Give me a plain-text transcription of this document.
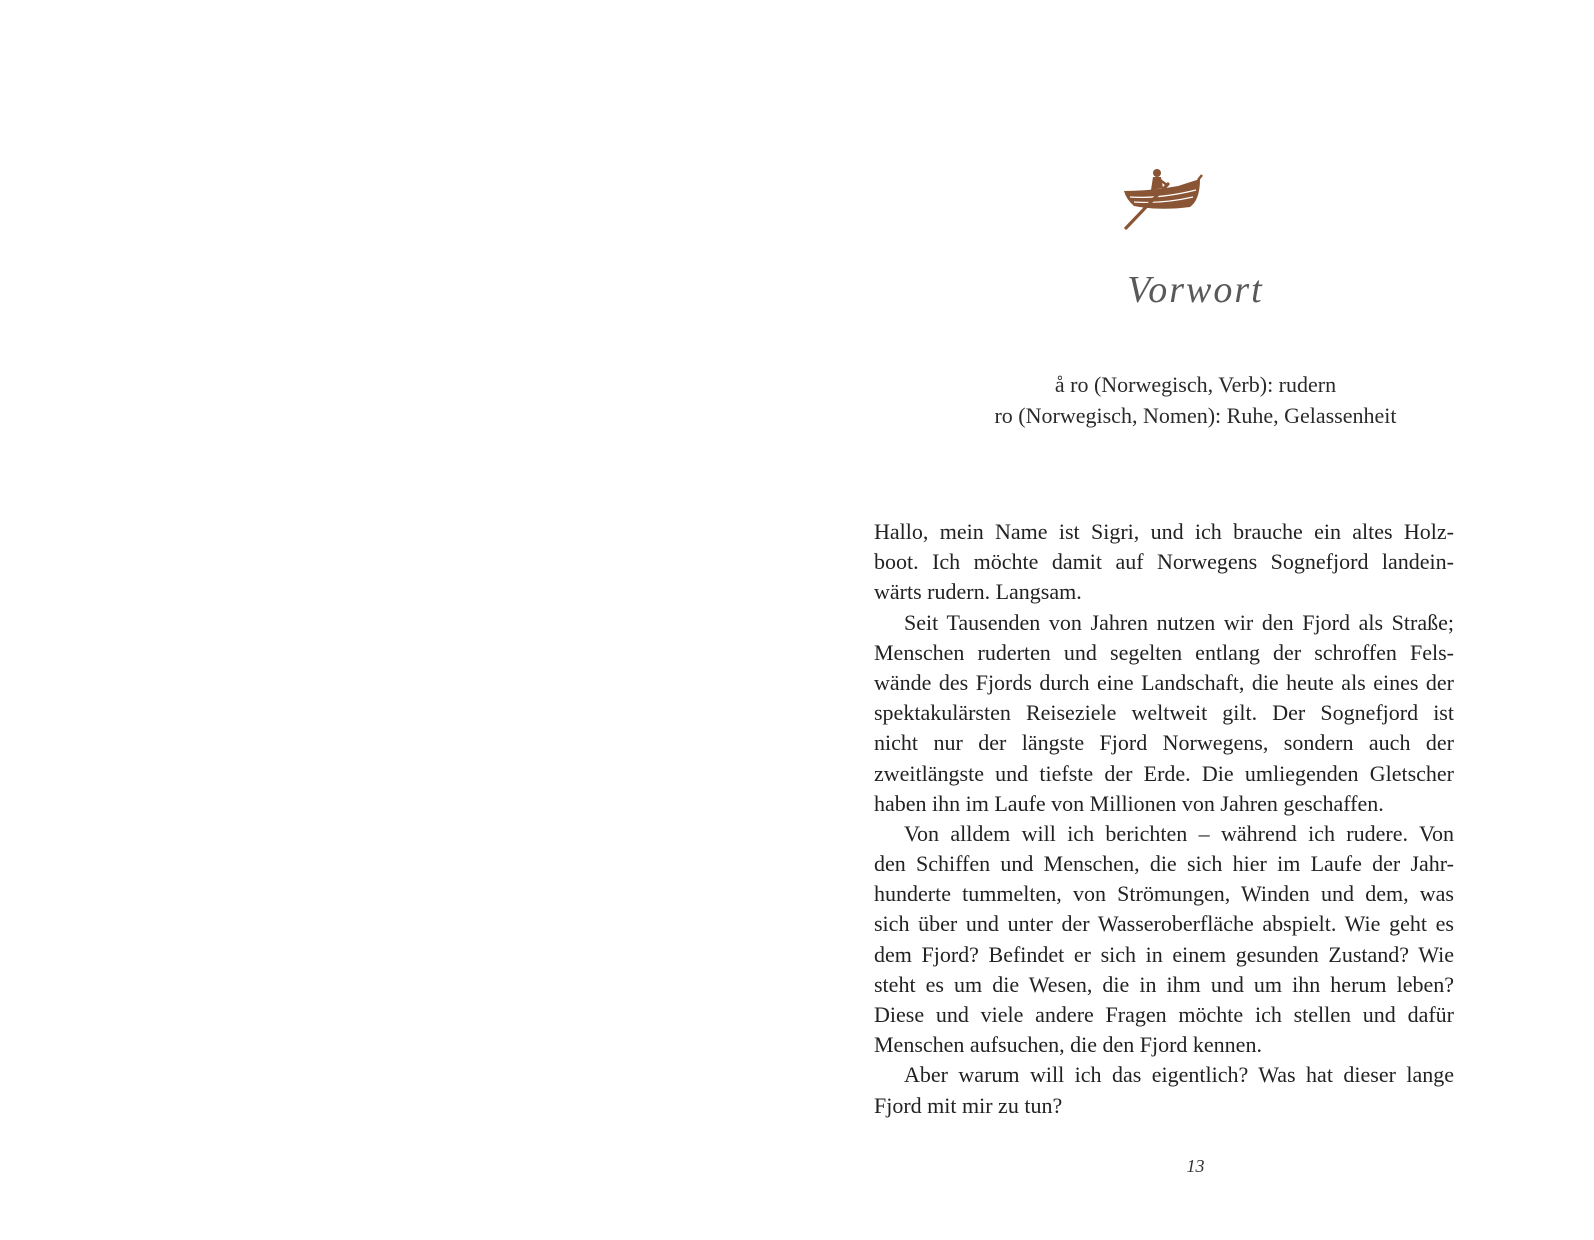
Vorwort
å ro (Norwegisch, Verb): rudern
ro (Norwegisch, Nomen): Ruhe, Gelassenheit
Hallo, mein Name ist Sigri, und ich brauche ein altes Holz-
boot. Ich möchte damit auf Norwegens Sognefjord landein-
wärts rudern. Langsam.
Seit Tausenden von Jahren nutzen wir den Fjord als Straße;
Menschen ruderten und segelten entlang der schroffen Fels-
wände des Fjords durch eine Landschaft, die heute als eines der
spektakulärsten Reiseziele weltweit gilt. Der Sognefjord ist
nicht nur der längste Fjord Norwegens, sondern auch der
zweitlängste und tiefste der Erde. Die umliegenden Gletscher
haben ihn im Laufe von Millionen von Jahren geschaffen.
Von alldem will ich berichten – während ich rudere. Von
den Schiffen und Menschen, die sich hier im Laufe der Jahr-
hunderte tummelten, von Strömungen, Winden und dem, was
sich über und unter der Wasseroberfläche abspielt. Wie geht es
dem Fjord? Befindet er sich in einem gesunden Zustand? Wie
steht es um die Wesen, die in ihm und um ihn herum leben?
Diese und viele andere Fragen möchte ich stellen und dafür
Menschen aufsuchen, die den Fjord kennen.
Aber warum will ich das eigentlich? Was hat dieser lange
Fjord mit mir zu tun?
13
